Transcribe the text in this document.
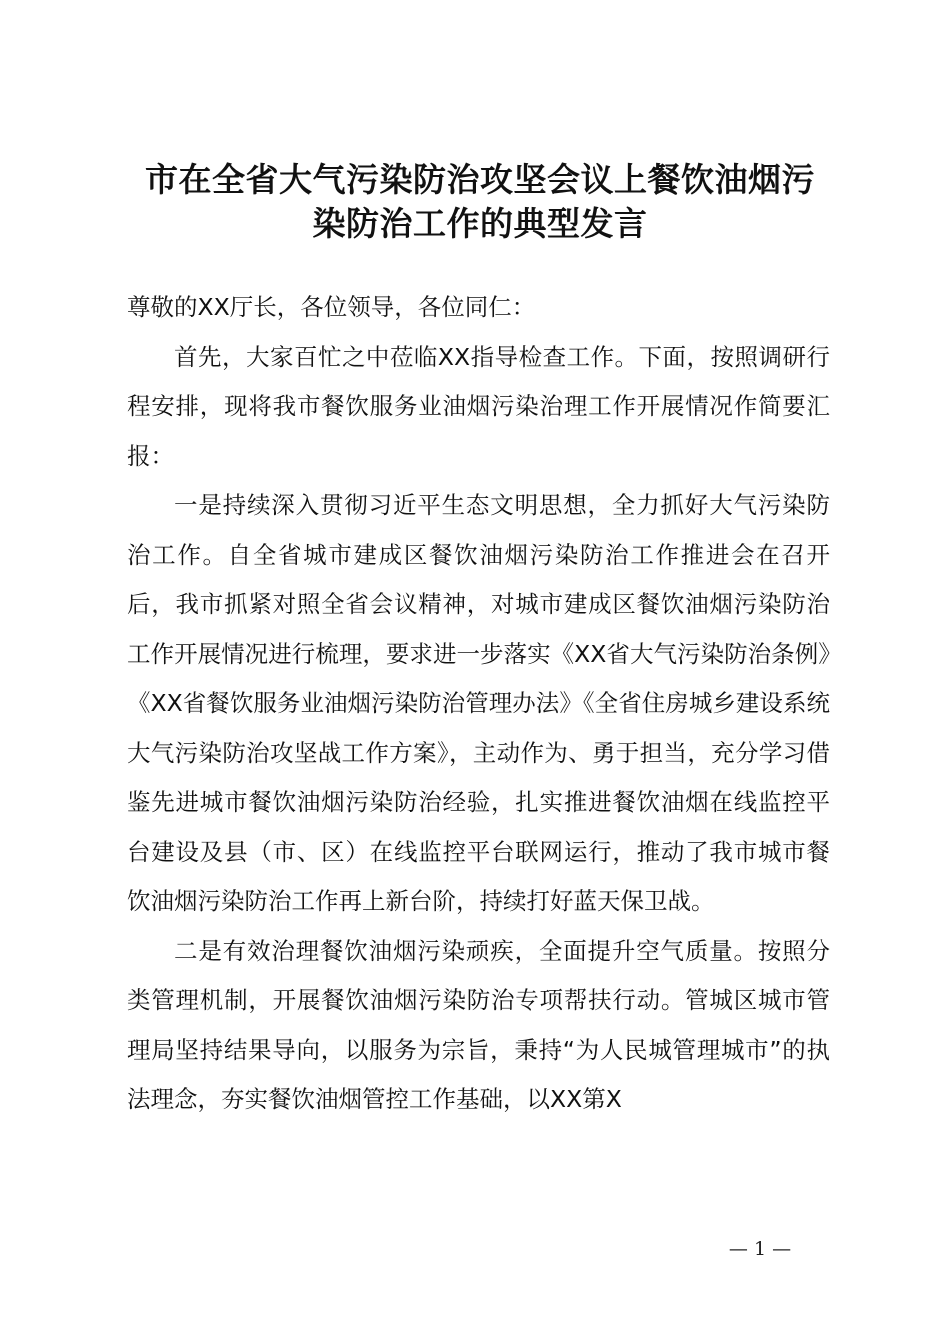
市在全省大气污染防治攻坚会议上餐饮油烟污
染防治工作的典型发言

尊敬的XX厅长，各位领导，各位同仁：

首先，大家百忙之中莅临XX指导检查工作。下面，按照调研行程安排，现将我市餐饮服务业油烟污染治理工作开展情况作简要汇报：

一是持续深入贯彻习近平生态文明思想，全力抓好大气污染防治工作。自全省城市建成区餐饮油烟污染防治工作推进会在召开后，我市抓紧对照全省会议精神，对城市建成区餐饮油烟污染防治工作开展情况进行梳理，要求进一步落实《XX省大气污染防治条例》《XX省餐饮服务业油烟污染防治管理办法》《全省住房城乡建设系统大气污染防治攻坚战工作方案》，主动作为、勇于担当，充分学习借鉴先进城市餐饮油烟污染防治经验，扎实推进餐饮油烟在线监控平台建设及县（市、区）在线监控平台联网运行，推动了我市城市餐饮油烟污染防治工作再上新台阶，持续打好蓝天保卫战。

二是有效治理餐饮油烟污染顽疾，全面提升空气质量。按照分类管理机制，开展餐饮油烟污染防治专项帮扶行动。管城区城市管理局坚持结果导向，以服务为宗旨，秉持“为人民城管理城市”的执法理念，夯实餐饮油烟管控工作基础，以XX第X

— 1 —
